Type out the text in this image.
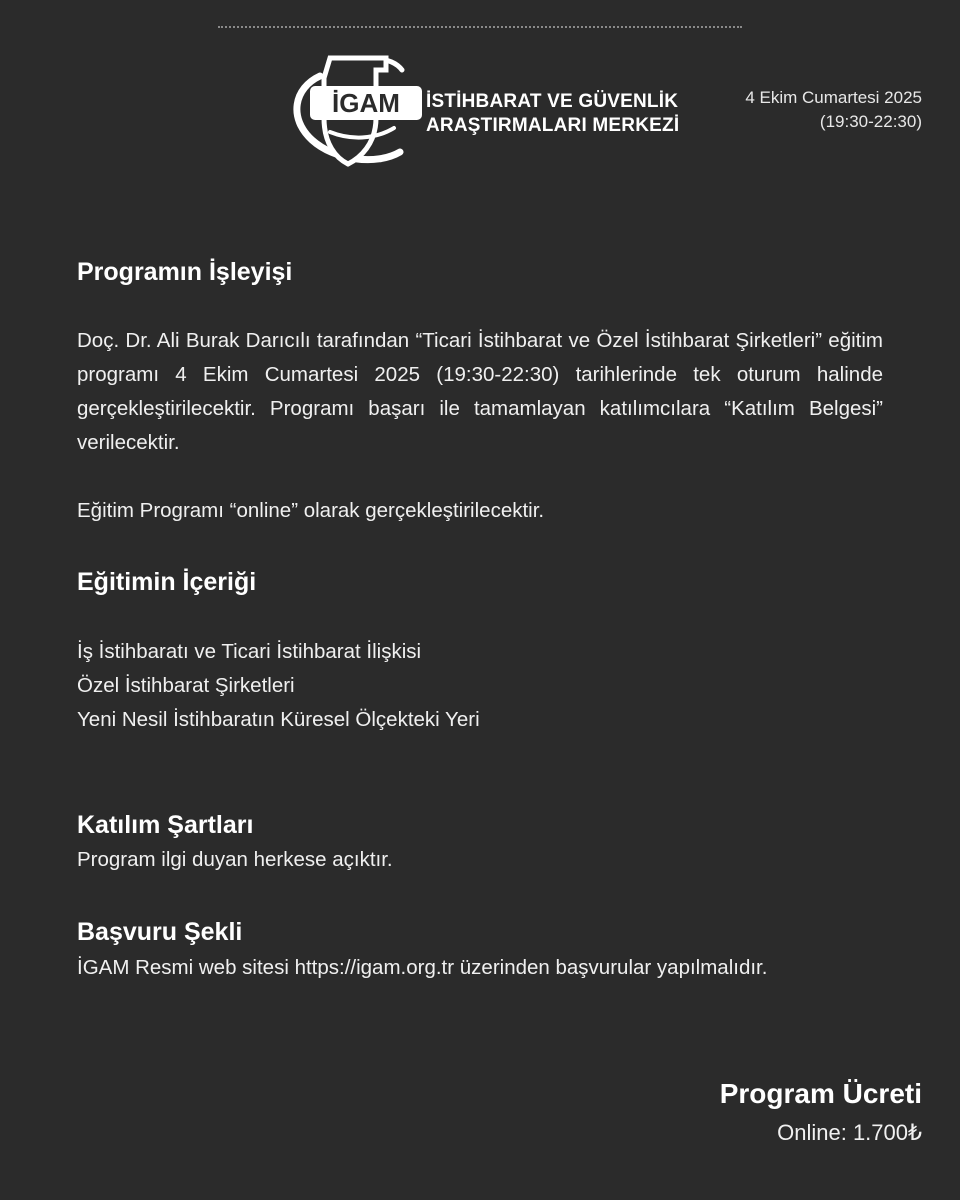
İGAM İSTİHBARAT VE GÜVENLİK
ARAŞTIRMALARI MERKEZİ
4 Ekim Cumartesi 2025
(19:30-22:30)
Programın İşleyişi

Doç. Dr. Ali Burak Darıcılı tarafından “Ticari İstihbarat ve Özel İstihbarat Şirketleri” eğitim programı 4 Ekim Cumartesi 2025 (19:30-22:30) tarihlerinde tek oturum halinde gerçekleştirilecektir. Programı başarı ile tamamlayan katılımcılara “Katılım Belgesi” verilecektir.

Eğitim Programı “online” olarak gerçekleştirilecektir.

Eğitimin İçeriği
İş İstihbaratı ve Ticari İstihbarat İlişkisi
Özel İstihbarat Şirketleri
Yeni Nesil İstihbaratın Küresel Ölçekteki Yeri
Katılım Şartları

Program ilgi duyan herkese açıktır.

Başvuru Şekli

İGAM Resmi web sitesi https://igam.org.tr üzerinden başvurular yapılmalıdır.

Program Ücreti
Online: 1.700₺
